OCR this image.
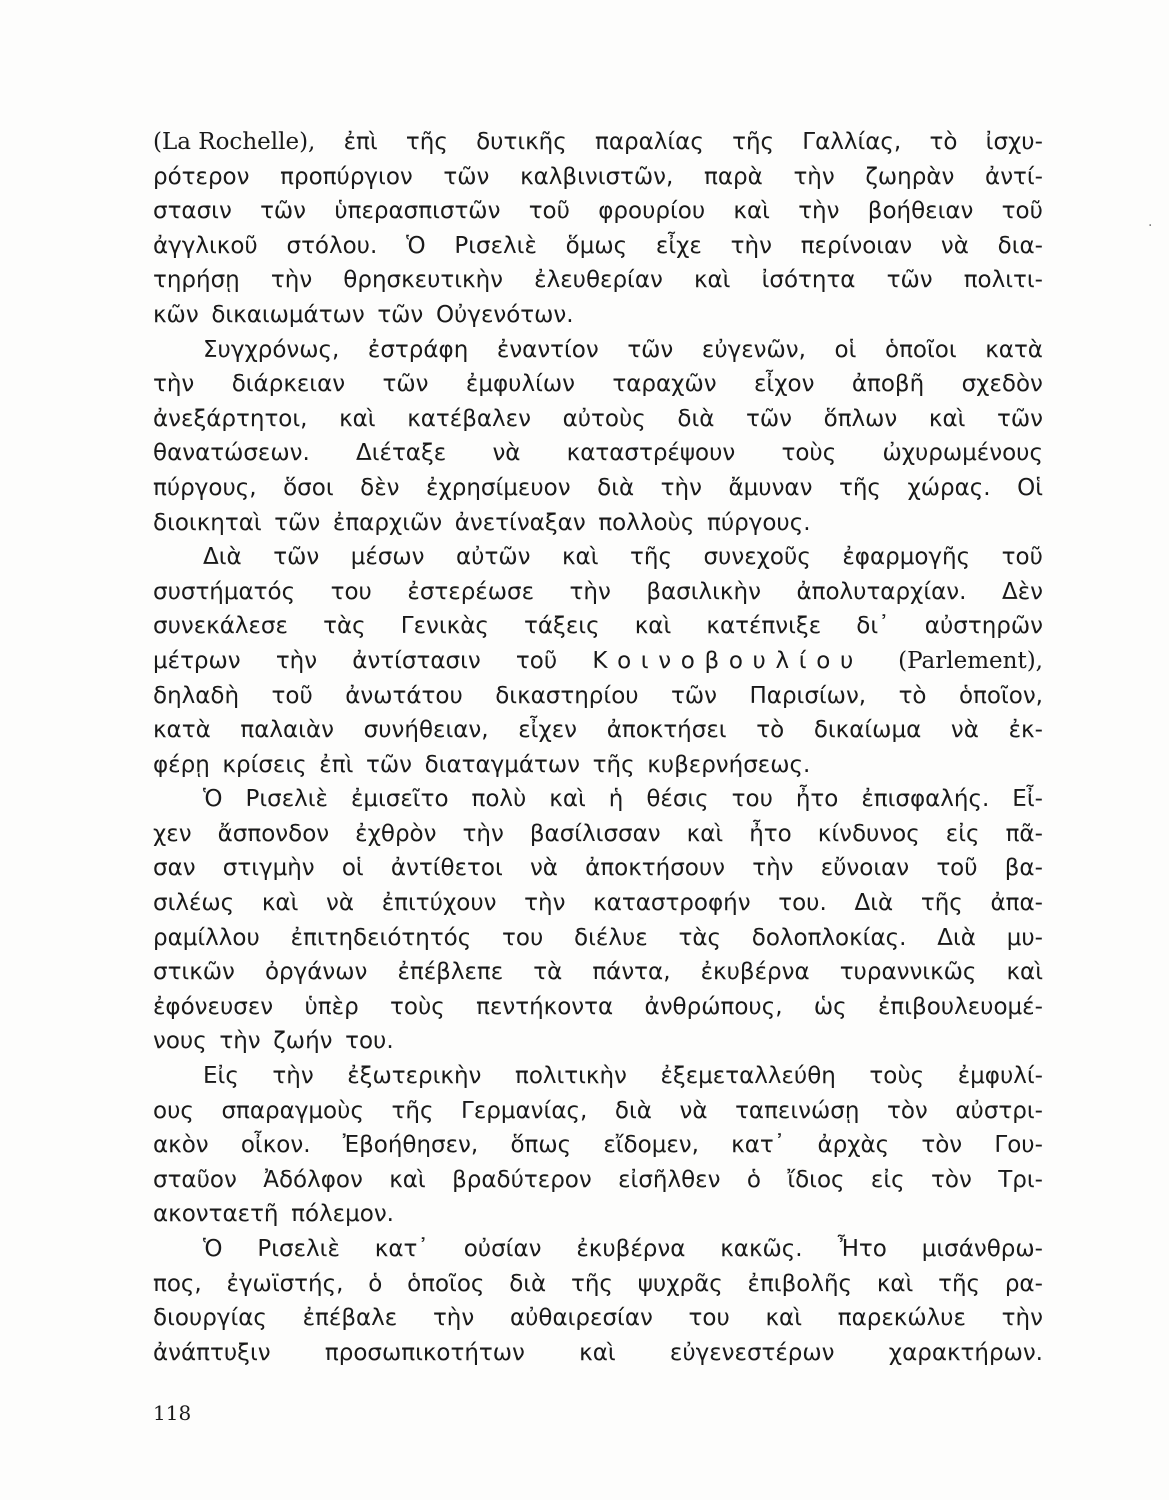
(La Rochelle), ἐπὶ τῆς δυτικῆς παραλίας τῆς Γαλλίας, τὸ ἰσχυ-
ρότερον προπύργιον τῶν καλβινιστῶν, παρὰ τὴν ζωηρὰν ἀντί-
στασιν τῶν ὑπερασπιστῶν τοῦ φρουρίου καὶ τὴν βοήθειαν τοῦ
ἀγγλικοῦ στόλου. Ὁ Ρισελιὲ ὅμως εἶχε τὴν περίνοιαν νὰ δια-
τηρήσῃ τὴν θρησκευτικὴν ἐλευθερίαν καὶ ἰσότητα τῶν πολιτι-
κῶν δικαιωμάτων τῶν Οὐγενότων.
Συγχρόνως, ἐστράφη ἐναντίον τῶν εὐγενῶν, οἱ ὁποῖοι κατὰ
τὴν διάρκειαν τῶν ἐμφυλίων ταραχῶν εἶχον ἀποβῆ σχεδὸν
ἀνεξάρτητοι, καὶ κατέβαλεν αὐτοὺς διὰ τῶν ὅπλων καὶ τῶν
θανατώσεων. Διέταξε νὰ καταστρέψουν τοὺς ὠχυρωμένους
πύργους, ὅσοι δὲν ἐχρησίμευον διὰ τὴν ἄμυναν τῆς χώρας. Οἱ
διοικηταὶ τῶν ἐπαρχιῶν ἀνετίναξαν πολλοὺς πύργους.
Διὰ τῶν μέσων αὐτῶν καὶ τῆς συνεχοῦς ἐφαρμογῆς τοῦ
συστήματός του ἐστερέωσε τὴν βασιλικὴν ἀπολυταρχίαν. Δὲν
συνεκάλεσε τὰς Γενικὰς τάξεις καὶ κατέπνιξε δι᾽ αὐστηρῶν
μέτρων τὴν ἀντίστασιν τοῦ Κοινοβουλίου (Parlement),
δηλαδὴ τοῦ ἀνωτάτου δικαστηρίου τῶν Παρισίων, τὸ ὁποῖον,
κατὰ παλαιὰν συνήθειαν, εἶχεν ἀποκτήσει τὸ δικαίωμα νὰ ἐκ-
φέρῃ κρίσεις ἐπὶ τῶν διαταγμάτων τῆς κυβερνήσεως.
Ὁ Ρισελιὲ ἐμισεῖτο πολὺ καὶ ἡ θέσις του ἦτο ἐπισφαλής. Εἶ-
χεν ἄσπονδον ἐχθρὸν τὴν βασίλισσαν καὶ ἦτο κίνδυνος εἰς πᾶ-
σαν στιγμὴν οἱ ἀντίθετοι νὰ ἀποκτήσουν τὴν εὔνοιαν τοῦ βα-
σιλέως καὶ νὰ ἐπιτύχουν τὴν καταστροφήν του. Διὰ τῆς ἀπα-
ραμίλλου ἐπιτηδειότητός του διέλυε τὰς δολοπλοκίας. Διὰ μυ-
στικῶν ὀργάνων ἐπέβλεπε τὰ πάντα, ἐκυβέρνα τυραννικῶς καὶ
ἐφόνευσεν ὑπὲρ τοὺς πεντήκοντα ἀνθρώπους, ὡς ἐπιβουλευομέ-
νους τὴν ζωήν του.
Εἰς τὴν ἐξωτερικὴν πολιτικὴν ἐξεμεταλλεύθη τοὺς ἐμφυλί-
ους σπαραγμοὺς τῆς Γερμανίας, διὰ νὰ ταπεινώσῃ τὸν αὐστρι-
ακὸν οἶκον. Ἐβοήθησεν, ὅπως εἴδομεν, κατ᾽ ἀρχὰς τὸν Γου-
σταῦον Ἀδόλφον καὶ βραδύτερον εἰσῆλθεν ὁ ἴδιος εἰς τὸν Τρι-
ακονταετῆ πόλεμον.
Ὁ Ρισελιὲ κατ᾽ οὐσίαν ἐκυβέρνα κακῶς. Ἦτο μισάνθρω-
πος, ἐγωϊστής, ὁ ὁποῖος διὰ τῆς ψυχρᾶς ἐπιβολῆς καὶ τῆς ρα-
διουργίας ἐπέβαλε τὴν αὐθαιρεσίαν του καὶ παρεκώλυε τὴν
ἀνάπτυξιν προσωπικοτήτων καὶ εὐγενεστέρων χαρακτήρων.
118
·
